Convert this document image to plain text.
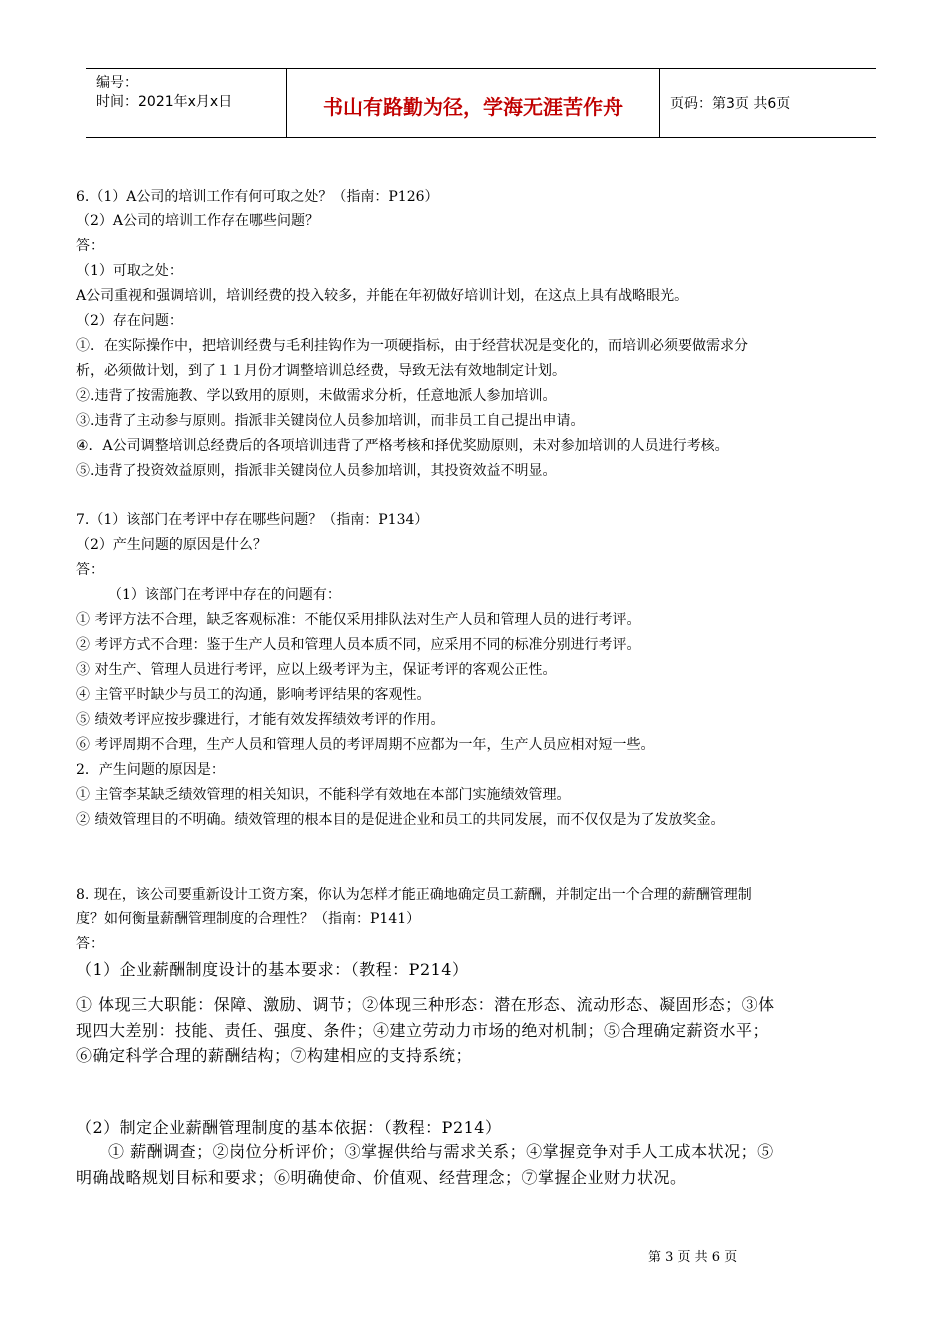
编号：
时间：2021年x月x日	书山有路勤为径，学海无涯苦作舟	页码：第3页 共6页
6.（1）A公司的培训工作有何可取之处？（指南：P126）
（2）A公司的培训工作存在哪些问题？
答：
（1）可取之处：
A公司重视和强调培训，培训经费的投入较多，并能在年初做好培训计划，在这点上具有战略眼光。
（2）存在问题：
①．在实际操作中，把培训经费与毛利挂钩作为一项硬指标，由于经营状况是变化的，而培训必须要做需求分
析，必须做计划，到了１１月份才调整培训总经费，导致无法有效地制定计划。
②.违背了按需施教、学以致用的原则，未做需求分析，任意地派人参加培训。
③.违背了主动参与原则。指派非关键岗位人员参加培训，而非员工自己提出申请。
④．A公司调整培训总经费后的各项培训违背了严格考核和择优奖励原则，未对参加培训的人员进行考核。
⑤.违背了投资效益原则，指派非关键岗位人员参加培训，其投资效益不明显。
7.（1）该部门在考评中存在哪些问题？（指南：P134）
（2）产生问题的原因是什么？
答：
（1）该部门在考评中存在的问题有：
① 考评方法不合理，缺乏客观标准：不能仅采用排队法对生产人员和管理人员的进行考评。
② 考评方式不合理：鉴于生产人员和管理人员本质不同，应采用不同的标准分别进行考评。
③ 对生产、管理人员进行考评，应以上级考评为主，保证考评的客观公正性。
④ 主管平时缺少与员工的沟通，影响考评结果的客观性。
⑤ 绩效考评应按步骤进行，才能有效发挥绩效考评的作用。
⑥ 考评周期不合理，生产人员和管理人员的考评周期不应都为一年，生产人员应相对短一些。
2．产生问题的原因是：
① 主管李某缺乏绩效管理的相关知识，不能科学有效地在本部门实施绩效管理。
② 绩效管理目的不明确。绩效管理的根本目的是促进企业和员工的共同发展，而不仅仅是为了发放奖金。
8. 现在，该公司要重新设计工资方案，你认为怎样才能正确地确定员工薪酬，并制定出一个合理的薪酬管理制
度？如何衡量薪酬管理制度的合理性？（指南：P141）
答：
（1）企业薪酬制度设计的基本要求：（教程：P214）
① 体现三大职能：保障、激励、调节；②体现三种形态：潜在形态、流动形态、凝固形态；③体
现四大差别：技能、责任、强度、条件；④建立劳动力市场的绝对机制；⑤合理确定薪资水平；
⑥确定科学合理的薪酬结构；⑦构建相应的支持系统；
（2）制定企业薪酬管理制度的基本依据：（教程：P214）
① 薪酬调查；②岗位分析评价；③掌握供给与需求关系；④掌握竞争对手人工成本状况；⑤
明确战略规划目标和要求；⑥明确使命、价值观、经营理念；⑦掌握企业财力状况。
第 3 页 共 6 页
